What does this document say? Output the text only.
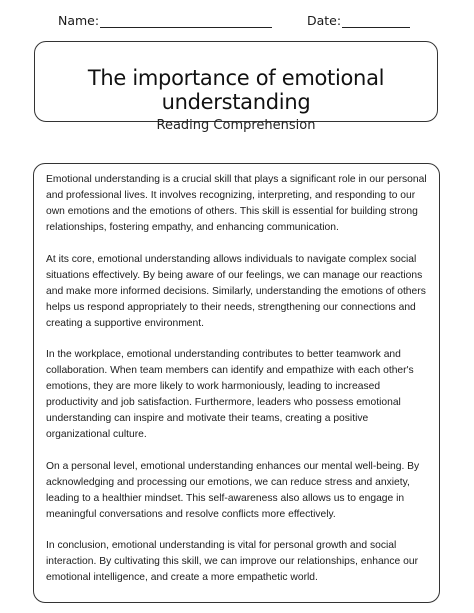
Name:	Date:
The importance of emotional understanding
Reading Comprehension

Emotional understanding is a crucial skill that plays a significant role in our personal and professional lives. It involves recognizing, interpreting, and responding to our own emotions and the emotions of others. This skill is essential for building strong relationships, fostering empathy, and enhancing communication.

At its core, emotional understanding allows individuals to navigate complex social situations effectively. By being aware of our feelings, we can manage our reactions and make more informed decisions. Similarly, understanding the emotions of others helps us respond appropriately to their needs, strengthening our connections and creating a supportive environment.

In the workplace, emotional understanding contributes to better teamwork and collaboration. When team members can identify and empathize with each other's emotions, they are more likely to work harmoniously, leading to increased productivity and job satisfaction. Furthermore, leaders who possess emotional understanding can inspire and motivate their teams, creating a positive organizational culture.

On a personal level, emotional understanding enhances our mental well-being. By acknowledging and processing our emotions, we can reduce stress and anxiety, leading to a healthier mindset. This self-awareness also allows us to engage in meaningful conversations and resolve conflicts more effectively.

In conclusion, emotional understanding is vital for personal growth and social interaction. By cultivating this skill, we can improve our relationships, enhance our emotional intelligence, and create a more empathetic world.
